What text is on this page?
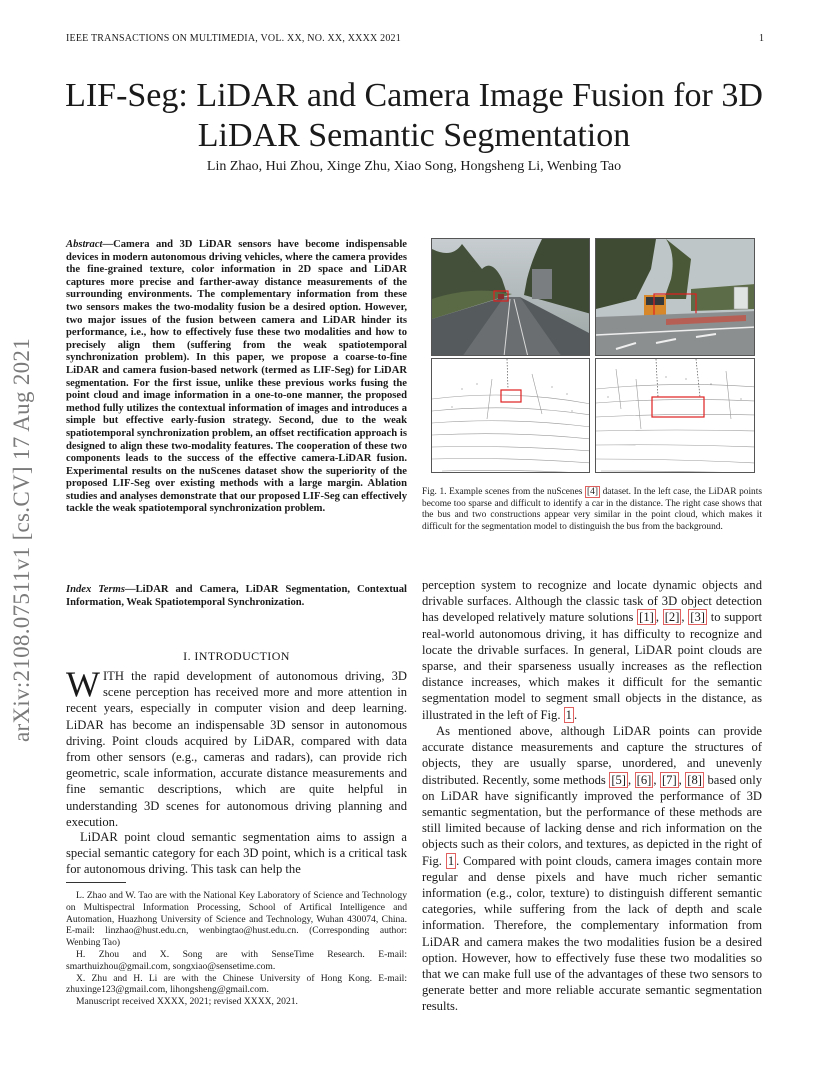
IEEE TRANSACTIONS ON MULTIMEDIA, VOL. XX, NO. XX, XXXX 2021	1
LIF-Seg: LiDAR and Camera Image Fusion for 3D
LiDAR Semantic Segmentation
Lin Zhao, Hui Zhou, Xinge Zhu, Xiao Song, Hongsheng Li, Wenbing Tao
arXiv:2108.07511v1 [cs.CV] 17 Aug 2021
Abstract—Camera and 3D LiDAR sensors have become indispensable devices in modern autonomous driving vehicles, where the camera provides the fine-grained texture, color information in 2D space and LiDAR captures more precise and farther-away distance measurements of the surrounding environments. The complementary information from these two sensors makes the two-modality fusion be a desired option. However, two major issues of the fusion between camera and LiDAR hinder its performance, i.e., how to effectively fuse these two modalities and how to precisely align them (suffering from the weak spatiotemporal synchronization problem). In this paper, we propose a coarse-to-fine LiDAR and camera fusion-based network (termed as LIF-Seg) for LiDAR segmentation. For the first issue, unlike these previous works fusing the point cloud and image information in a one-to-one manner, the proposed method fully utilizes the contextual information of images and introduces a simple but effective early-fusion strategy. Second, due to the weak spatiotemporal synchronization problem, an offset rectification approach is designed to align these two-modality features. The cooperation of these two components leads to the success of the effective camera-LiDAR fusion. Experimental results on the nuScenes dataset show the superiority of the proposed LIF-Seg over existing methods with a large margin. Ablation studies and analyses demonstrate that our proposed LIF-Seg can effectively tackle the weak spatiotemporal synchronization problem.
Index Terms—LiDAR and Camera, LiDAR Segmentation, Contextual Information, Weak Spatiotemporal Synchronization.
I. INTRODUCTION
WITH the rapid development of autonomous driving, 3D scene perception has received more and more attention in recent years, especially in computer vision and deep learning. LiDAR has become an indispensable 3D sensor in autonomous driving. Point clouds acquired by LiDAR, compared with data from other sensors (e.g., cameras and radars), can provide rich geometric, scale information, accurate distance measurements and fine semantic descriptions, which are quite helpful in understanding 3D scenes for autonomous driving planning and execution.
LiDAR point cloud semantic segmentation aims to assign a special semantic category for each 3D point, which is a critical task for autonomous driving. This task can help the

L. Zhao and W. Tao are with the National Key Laboratory of Science and Technology on Multispectral Information Processing, School of Artifical Intelligence and Automation, Huazhong University of Science and Technology, Wuhan 430074, China. E-mail: linzhao@hust.edu.cn, wenbingtao@hust.edu.cn. (Corresponding author: Wenbing Tao)

H. Zhou and X. Song are with SenseTime Research. E-mail: smarthuizhou@gmail.com, songxiao@sensetime.com.

X. Zhu and H. Li are with the Chinese University of Hong Kong. E-mail: zhuxinge123@gmail.com, lihongsheng@gmail.com.

Manuscript received XXXX, 2021; revised XXXX, 2021.

Fig. 1. Example scenes from the nuScenes [4] dataset. In the left case, the LiDAR points become too sparse and difficult to identify a car in the distance. The right case shows that the bus and two constructions appear very similar in the point cloud, which makes it difficult for the segmentation model to distinguish the bus from the background.
perception system to recognize and locate dynamic objects and drivable surfaces. Although the classic task of 3D object detection has developed relatively mature solutions [1] , [2] , [3] to support real-world autonomous driving, it has difficulty to recognize and locate the drivable surfaces. In general, LiDAR point clouds are sparse, and their sparseness usually increases as the reflection distance increases, which makes it difficult for the semantic segmentation model to segment small objects in the distance, as illustrated in the left of Fig. 1 .
As mentioned above, although LiDAR points can provide accurate distance measurements and capture the structures of objects, they are usually sparse, unordered, and unevenly distributed. Recently, some methods [5] , [6] , [7] , [8] based only on LiDAR have significantly improved the performance of 3D semantic segmentation, but the performance of these methods are still limited because of lacking dense and rich information on the objects such as their colors, and textures, as depicted in the right of Fig. 1 . Compared with point clouds, camera images contain more regular and dense pixels and have much richer semantic information (e.g., color, texture) to distinguish different semantic categories, while suffering from the lack of depth and scale information. Therefore, the complementary information from LiDAR and camera makes the two modalities fusion be a desired option. However, how to effectively fuse these two modalities so that we can make full use of the advantages of these two sensors to generate better and more reliable accurate semantic segmentation results.
